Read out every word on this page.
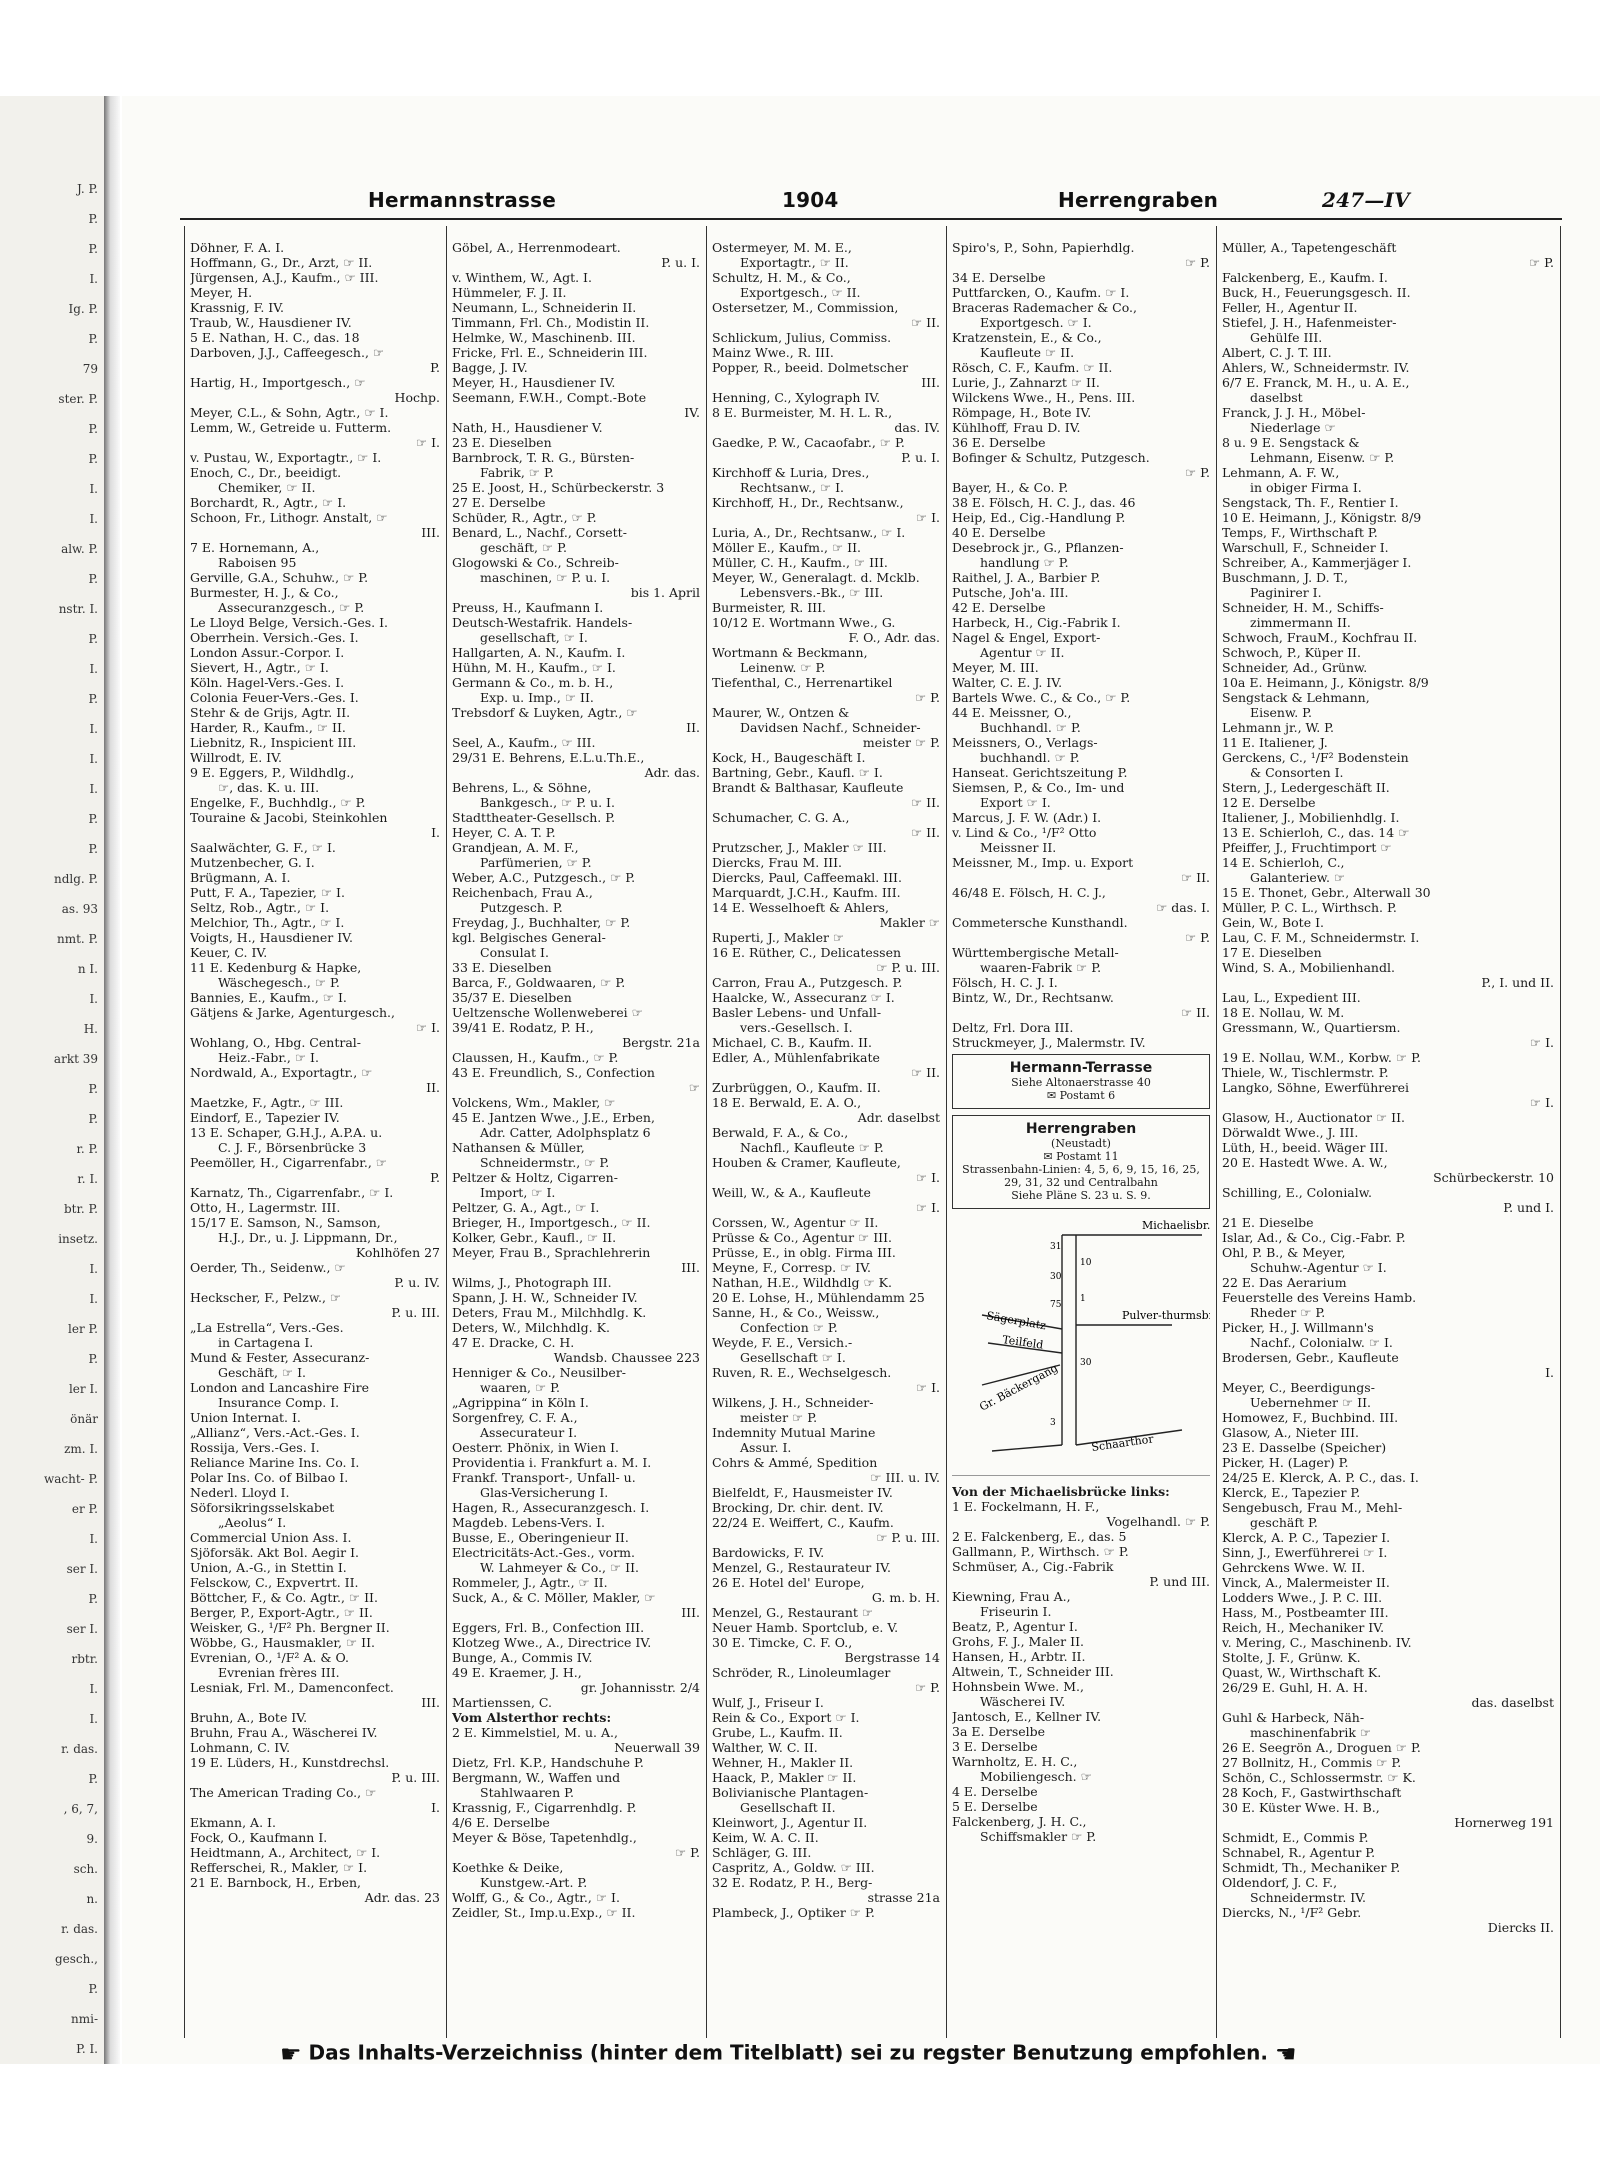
J. P.
P.
P.
I.
Ig. P.
P.
79
ster. P.
P.
P.
I.
I.
alw. P.
P.
nstr. I.
P.
I.
P.
I.
I.
I.
P.
P.
ndlg. P.
as. 93
nmt. P.
n I.
I.
H.
arkt 39
P.
P.
r. P.
r. I.
btr. P.
insetz.
I.
I.
ler P.
P.
ler I.
önär
zm. I.
wacht- P.
er P.
I.
ser I.
P.
ser I.
rbtr.
I.
I.
r. das.
P.
, 6, 7,
9.
sch.
n.
r. das.
gesch.,
P.
nmi-
P. I.
Hermannstrasse	1904	Herrengraben	247—IV
Döhner, F. A. I.
Hoffmann, G., Dr., Arzt, ☞ II.
Jürgensen, A.J., Kaufm., ☞ III.
Meyer, H.
Krassnig, F. IV.
Traub, W., Hausdiener IV.
5 E. Nathan, H. C., das. 18
Darboven, J.J., Caffeegesch., ☞
P.
Hartig, H., Importgesch., ☞
Hochp.
Meyer, C.L., & Sohn, Agtr., ☞ I.
Lemm, W., Getreide u. Futterm.
☞ I.
v. Pustau, W., Exportagtr., ☞ I.
Enoch, C., Dr., beeidigt.
Chemiker, ☞ II.
Borchardt, R., Agtr., ☞ I.
Schoon, Fr., Lithogr. Anstalt, ☞
III.
7 E. Hornemann, A.,
Raboisen 95
Gerville, G.A., Schuhw., ☞ P.
Burmester, H. J., & Co.,
Assecuranzgesch., ☞ P.
Le Lloyd Belge, Versich.-Ges. I.
Oberrhein. Versich.-Ges. I.
London Assur.-Corpor. I.
Sievert, H., Agtr., ☞ I.
Köln. Hagel-Vers.-Ges. I.
Colonia Feuer-Vers.-Ges. I.
Stehr & de Grijs, Agtr. II.
Harder, R., Kaufm., ☞ II.
Liebnitz, R., Inspicient III.
Willrodt, E. IV.
9 E. Eggers, P., Wildhdlg.,
☞, das. K. u. III.
Engelke, F., Buchhdlg., ☞ P.
Touraine & Jacobi, Steinkohlen
I.
Saalwächter, G. F., ☞ I.
Mutzenbecher, G. I.
Brügmann, A. I.
Putt, F. A., Tapezier, ☞ I.
Seltz, Rob., Agtr., ☞ I.
Melchior, Th., Agtr., ☞ I.
Voigts, H., Hausdiener IV.
Keuer, C. IV.
11 E. Kedenburg & Hapke,
Wäschegesch., ☞ P.
Bannies, E., Kaufm., ☞ I.
Gätjens & Jarke, Agenturgesch.,
☞ I.
Wohlang, O., Hbg. Central-
Heiz.-Fabr., ☞ I.
Nordwald, A., Exportagtr., ☞
II.
Maetzke, F., Agtr., ☞ III.
Eindorf, E., Tapezier IV.
13 E. Schaper, G.H.J., A.P.A. u.
C. J. F., Börsenbrücke 3
Peemöller, H., Cigarrenfabr., ☞
P.
Karnatz, Th., Cigarrenfabr., ☞ I.
Otto, H., Lagermstr. III.
15/17 E. Samson, N., Samson,
H.J., Dr., u. J. Lippmann, Dr.,
Kohlhöfen 27
Oerder, Th., Seidenw., ☞
P. u. IV.
Heckscher, F., Pelzw., ☞
P. u. III.
„La Estrella“, Vers.-Ges.
in Cartagena I.
Mund & Fester, Assecuranz-
Geschäft, ☞ I.
London and Lancashire Fire
Insurance Comp. I.
Union Internat. I.
„Allianz“, Vers.-Act.-Ges. I.
Rossija, Vers.-Ges. I.
Reliance Marine Ins. Co. I.
Polar Ins. Co. of Bilbao I.
Nederl. Lloyd I.
Söforsikringsselskabet
„Aeolus“ I.
Commercial Union Ass. I.
Sjöforsäk. Akt Bol. Aegir I.
Union, A.-G., in Stettin I.
Felsckow, C., Expvertrt. II.
Böttcher, F., & Co. Agtr., ☞ II.
Berger, P., Export-Agtr., ☞ II.
Weisker, G., ¹/F² Ph. Bergner II.
Wöbbe, G., Hausmakler, ☞ II.
Evrenian, O., ¹/F² A. & O.
Evrenian frères III.
Lesniak, Frl. M., Damenconfect.
III.
Bruhn, A., Bote IV.
Bruhn, Frau A., Wäscherei IV.
Lohmann, C. IV.
19 E. Lüders, H., Kunstdrechsl.
P. u. III.
The American Trading Co., ☞
I.
Ekmann, A. I.
Fock, O., Kaufmann I.
Heidtmann, A., Architect, ☞ I.
Refferschei, R., Makler, ☞ I.
21 E. Barnbock, H., Erben,
Adr. das. 23
Göbel, A., Herrenmodeart.
P. u. I.
v. Winthem, W., Agt. I.
Hümmeler, F. J. II.
Neumann, L., Schneiderin II.
Timmann, Frl. Ch., Modistin II.
Helmke, W., Maschinenb. III.
Fricke, Frl. E., Schneiderin III.
Bagge, J. IV.
Meyer, H., Hausdiener IV.
Seemann, F.W.H., Compt.-Bote
IV.
Nath, H., Hausdiener V.
23 E. Dieselben
Barnbrock, T. R. G., Bürsten-
Fabrik, ☞ P.
25 E. Joost, H., Schürbeckerstr. 3
27 E. Derselbe
Schüder, R., Agtr., ☞ P.
Benard, L., Nachf., Corsett-
geschäft, ☞ P.
Glogowski & Co., Schreib-
maschinen, ☞ P. u. I.
bis 1. April
Preuss, H., Kaufmann I.
Deutsch-Westafrik. Handels-
gesellschaft, ☞ I.
Hallgarten, A. N., Kaufm. I.
Hühn, M. H., Kaufm., ☞ I.
Germann & Co., m. b. H.,
Exp. u. Imp., ☞ II.
Trebsdorf & Luyken, Agtr., ☞
II.
Seel, A., Kaufm., ☞ III.
29/31 E. Behrens, E.L.u.Th.E.,
Adr. das.
Behrens, L., & Söhne,
Bankgesch., ☞ P. u. I.
Stadttheater-Gesellsch. P.
Heyer, C. A. T. P.
Grandjean, A. M. F.,
Parfümerien, ☞ P.
Weber, A.C., Putzgesch., ☞ P.
Reichenbach, Frau A.,
Putzgesch. P.
Freydag, J., Buchhalter, ☞ P.
kgl. Belgisches General-
Consulat I.
33 E. Dieselben
Barca, F., Goldwaaren, ☞ P.
35/37 E. Dieselben
Ueltzensche Wollenweberei ☞
39/41 E. Rodatz, P. H.,
Bergstr. 21a
Claussen, H., Kaufm., ☞ P.
43 E. Freundlich, S., Confection
☞
Volckens, Wm., Makler, ☞
45 E. Jantzen Wwe., J.E., Erben,
Adr. Catter, Adolphsplatz 6
Nathansen & Müller,
Schneidermstr., ☞ P.
Peltzer & Holtz, Cigarren-
Import, ☞ I.
Peltzer, G. A., Agt., ☞ I.
Brieger, H., Importgesch., ☞ II.
Kolker, Gebr., Kaufl., ☞ II.
Meyer, Frau B., Sprachlehrerin
III.
Wilms, J., Photograph III.
Spann, J. H. W., Schneider IV.
Deters, Frau M., Milchhdlg. K.
Deters, W., Milchhdlg. K.
47 E. Dracke, C. H.
Wandsb. Chaussee 223
Henniger & Co., Neusilber-
waaren, ☞ P.
„Agrippina“ in Köln I.
Sorgenfrey, C. F. A.,
Assecurateur I.
Oesterr. Phönix, in Wien I.
Providentia i. Frankfurt a. M. I.
Frankf. Transport-, Unfall- u.
Glas-Versicherung I.
Hagen, R., Assecuranzgesch. I.
Magdeb. Lebens-Vers. I.
Busse, E., Oberingenieur II.
Electricitäts-Act.-Ges., vorm.
W. Lahmeyer & Co., ☞ II.
Rommeler, J., Agtr., ☞ II.
Suck, A., & C. Möller, Makler, ☞
III.
Eggers, Frl. B., Confection III.
Klotzeg Wwe., A., Directrice IV.
Bunge, A., Commis IV.
49 E. Kraemer, J. H.,
gr. Johannisstr. 2/4
Martienssen, C.
Vom Alsterthor rechts:
2 E. Kimmelstiel, M. u. A.,
Neuerwall 39
Dietz, Frl. K.P., Handschuhe P.
Bergmann, W., Waffen und
Stahlwaaren P.
Krassnig, F., Cigarrenhdlg. P.
4/6 E. Derselbe
Meyer & Böse, Tapetenhdlg.,
☞ P.
Koethke & Deike,
Kunstgew.-Art. P.
Wolff, G., & Co., Agtr., ☞ I.
Zeidler, St., Imp.u.Exp., ☞ II.
Ostermeyer, M. M. E.,
Exportagtr., ☞ II.
Schultz, H. M., & Co.,
Exportgesch., ☞ II.
Ostersetzer, M., Commission,
☞ II.
Schlickum, Julius, Commiss.
Mainz Wwe., R. III.
Popper, R., beeid. Dolmetscher
III.
Henning, C., Xylograph IV.
8 E. Burmeister, M. H. L. R.,
das. IV.
Gaedke, P. W., Cacaofabr., ☞ P.
P. u. I.
Kirchhoff & Luria, Dres.,
Rechtsanw., ☞ I.
Kirchhoff, H., Dr., Rechtsanw.,
☞ I.
Luria, A., Dr., Rechtsanw., ☞ I.
Möller E., Kaufm., ☞ II.
Müller, C. H., Kaufm., ☞ III.
Meyer, W., Generalagt. d. Mcklb.
Lebensvers.-Bk., ☞ III.
Burmeister, R. III.
10/12 E. Wortmann Wwe., G.
F. O., Adr. das.
Wortmann & Beckmann,
Leinenw. ☞ P.
Tiefenthal, C., Herrenartikel
☞ P.
Maurer, W., Ontzen &
Davidsen Nachf., Schneider-
meister ☞ P.
Kock, H., Baugeschäft I.
Bartning, Gebr., Kaufl. ☞ I.
Brandt & Balthasar, Kaufleute
☞ II.
Schumacher, C. G. A.,
☞ II.
Prutzscher, J., Makler ☞ III.
Diercks, Frau M. III.
Diercks, Paul, Caffeemakl. III.
Marquardt, J.C.H., Kaufm. III.
14 E. Wesselhoeft & Ahlers,
Makler ☞
Ruperti, J., Makler ☞
16 E. Rüther, C., Delicatessen
☞ P. u. III.
Carron, Frau A., Putzgesch. P.
Haalcke, W., Assecuranz ☞ I.
Basler Lebens- und Unfall-
vers.-Gesellsch. I.
Michael, C. B., Kaufm. II.
Edler, A., Mühlenfabrikate
☞ II.
Zurbrüggen, O., Kaufm. II.
18 E. Berwald, E. A. O.,
Adr. daselbst
Berwald, F. A., & Co.,
Nachfl., Kaufleute ☞ P.
Houben & Cramer, Kaufleute,
☞ I.
Weill, W., & A., Kaufleute
☞ I.
Corssen, W., Agentur ☞ II.
Prüsse & Co., Agentur ☞ III.
Prüsse, E., in oblg. Firma III.
Meyne, F., Corresp. ☞ IV.
Nathan, H.E., Wildhdlg ☞ K.
20 E. Lohse, H., Mühlendamm 25
Sanne, H., & Co., Weissw.,
Confection ☞ P.
Weyde, F. E., Versich.-
Gesellschaft ☞ I.
Ruven, R. E., Wechselgesch.
☞ I.
Wilkens, J. H., Schneider-
meister ☞ P.
Indemnity Mutual Marine
Assur. I.
Cohrs & Ammé, Spedition
☞ III. u. IV.
Bielfeldt, F., Hausmeister IV.
Brocking, Dr. chir. dent. IV.
22/24 E. Weiffert, C., Kaufm.
☞ P. u. III.
Bardowicks, F. IV.
Menzel, G., Restaurateur IV.
26 E. Hotel del' Europe,
G. m. b. H.
Menzel, G., Restaurant ☞
Neuer Hamb. Sportclub, e. V.
30 E. Timcke, C. F. O.,
Bergstrasse 14
Schröder, R., Linoleumlager
☞ P.
Wulf, J., Friseur I.
Rein & Co., Export ☞ I.
Grube, L., Kaufm. II.
Walther, W. C. II.
Wehner, H., Makler II.
Haack, P., Makler ☞ II.
Bolivianische Plantagen-
Gesellschaft II.
Kleinwort, J., Agentur II.
Keim, W. A. C. II.
Schläger, G. III.
Caspritz, A., Goldw. ☞ III.
32 E. Rodatz, P. H., Berg-
strasse 21a
Plambeck, J., Optiker ☞ P.
Spiro's, P., Sohn, Papierhdlg.
☞ P.
34 E. Derselbe
Puttfarcken, O., Kaufm. ☞ I.
Braceras Rademacher & Co.,
Exportgesch. ☞ I.
Kratzenstein, E., & Co.,
Kaufleute ☞ II.
Rösch, C. F., Kaufm. ☞ II.
Lurie, J., Zahnarzt ☞ II.
Wilckens Wwe., H., Pens. III.
Römpage, H., Bote IV.
Kühlhoff, Frau D. IV.
36 E. Derselbe
Bofinger & Schultz, Putzgesch.
☞ P.
Bayer, H., & Co. P.
38 E. Fölsch, H. C. J., das. 46
Heip, Ed., Cig.-Handlung P.
40 E. Derselbe
Desebrock jr., G., Pflanzen-
handlung ☞ P.
Raithel, J. A., Barbier P.
Putsche, Joh'a. III.
42 E. Derselbe
Harbeck, H., Cig.-Fabrik I.
Nagel & Engel, Export-
Agentur ☞ II.
Meyer, M. III.
Walter, C. E. J. IV.
Bartels Wwe. C., & Co., ☞ P.
44 E. Meissner, O.,
Buchhandl. ☞ P.
Meissners, O., Verlags-
buchhandl. ☞ P.
Hanseat. Gerichtszeitung P.
Siemsen, P., & Co., Im- und
Export ☞ I.
Marcus, J. F. W. (Adr.) I.
v. Lind & Co., ¹/F² Otto
Meissner II.
Meissner, M., Imp. u. Export
☞ II.
46/48 E. Fölsch, H. C. J.,
☞ das. I.
Commetersche Kunsthandl.
☞ P.
Württembergische Metall-
waaren-Fabrik ☞ P.
Fölsch, H. C. J. I.
Bintz, W., Dr., Rechtsanw.
☞ II.
Deltz, Frl. Dora III.
Struckmeyer, J., Malermstr. IV.
Hermann-Terrasse
Siehe Altonaerstrasse 40
✉ Postamt 6
Herrengraben
(Neustadt)
✉ Postamt 11
Strassenbahn-Linien: 4, 5, 6, 9, 15, 16, 25, 29, 31, 32 und Centralbahn
Siehe Pläne S. 23 u. S. 9.
Michaelisbr.
Pulver-thurmsbr.
Sägerplatz
Teilfeld
Gr. Bäckergang
Schaarthor
31
10
30
75
1
30
3
Von der Michaelisbrücke links:
1 E. Fockelmann, H. F.,
Vogelhandl. ☞ P.
2 E. Falckenberg, E., das. 5
Gallmann, P., Wirthsch. ☞ P.
Schmüser, A., Cig.-Fabrik
P. und III.
Kiewning, Frau A.,
Friseurin I.
Beatz, P., Agentur I.
Grohs, F. J., Maler II.
Hansen, H., Arbtr. II.
Altwein, T., Schneider III.
Hohnsbein Wwe. M.,
Wäscherei IV.
Jantosch, E., Kellner IV.
3a E. Derselbe
3 E. Derselbe
Warnholtz, E. H. C.,
Mobiliengesch. ☞
4 E. Derselbe
5 E. Derselbe
Falckenberg, J. H. C.,
Schiffsmakler ☞ P.
Müller, A., Tapetengeschäft
☞ P.
Falckenberg, E., Kaufm. I.
Buck, H., Feuerungsgesch. II.
Feller, H., Agentur II.
Stiefel, J. H., Hafenmeister-
Gehülfe III.
Albert, C. J. T. III.
Ahlers, W., Schneidermstr. IV.
6/7 E. Franck, M. H., u. A. E.,
daselbst
Franck, J. J. H., Möbel-
Niederlage ☞
8 u. 9 E. Sengstack &
Lehmann, Eisenw. ☞ P.
Lehmann, A. F. W.,
in obiger Firma I.
Sengstack, Th. F., Rentier I.
10 E. Heimann, J., Königstr. 8/9
Temps, F., Wirthschaft P.
Warschull, F., Schneider I.
Schreiber, A., Kammerjäger I.
Buschmann, J. D. T.,
Paginirer I.
Schneider, H. M., Schiffs-
zimmermann II.
Schwoch, FrauM., Kochfrau II.
Schwoch, P., Küper II.
Schneider, Ad., Grünw.
10a E. Heimann, J., Königstr. 8/9
Sengstack & Lehmann,
Eisenw. P.
Lehmann jr., W. P.
11 E. Italiener, J.
Gerckens, C., ¹/F² Bodenstein
& Consorten I.
Stern, J., Ledergeschäft II.
12 E. Derselbe
Italiener, J., Mobilienhdlg. I.
13 E. Schierloh, C., das. 14 ☞
Pfeiffer, J., Fruchtimport ☞
14 E. Schierloh, C.,
Galanteriew. ☞
15 E. Thonet, Gebr., Alterwall 30
Müller, P. C. L., Wirthsch. P.
Gein, W., Bote I.
Lau, C. F. M., Schneidermstr. I.
17 E. Dieselben
Wind, S. A., Mobilienhandl.
P., I. und II.
Lau, L., Expedient III.
18 E. Nollau, W. M.
Gressmann, W., Quartiersm.
☞ I.
19 E. Nollau, W.M., Korbw. ☞ P.
Thiele, W., Tischlermstr. P.
Langko, Söhne, Ewerführerei
☞ I.
Glasow, H., Auctionator ☞ II.
Dörwaldt Wwe., J. III.
Lüth, H., beeid. Wäger III.
20 E. Hastedt Wwe. A. W.,
Schürbeckerstr. 10
Schilling, E., Colonialw.
P. und I.
21 E. Dieselbe
Islar, Ad., & Co., Cig.-Fabr. P.
Ohl, P. B., & Meyer,
Schuhw.-Agentur ☞ I.
22 E. Das Aerarium
Feuerstelle des Vereins Hamb.
Rheder ☞ P.
Picker, H., J. Willmann's
Nachf., Colonialw. ☞ I.
Brodersen, Gebr., Kaufleute
I.
Meyer, C., Beerdigungs-
Uebernehmer ☞ II.
Homowez, F., Buchbind. III.
Glasow, A., Nieter III.
23 E. Dasselbe (Speicher)
Picker, H. (Lager) P.
24/25 E. Klerck, A. P. C., das. I.
Klerck, E., Tapezier P.
Sengebusch, Frau M., Mehl-
geschäft P.
Klerck, A. P. C., Tapezier I.
Sinn, J., Ewerführerei ☞ I.
Gehrckens Wwe. W. II.
Vinck, A., Malermeister II.
Lodders Wwe., J. P. C. III.
Hass, M., Postbeamter III.
Reich, H., Mechaniker IV.
v. Mering, C., Maschinenb. IV.
Stolte, J. F., Grünw. K.
Quast, W., Wirthschaft K.
26/29 E. Guhl, H. A. H.
das. daselbst
Guhl & Harbeck, Näh-
maschinenfabrik ☞
26 E. Seegrön A., Droguen ☞ P.
27 Bollnitz, H., Commis ☞ P.
Schön, C., Schlossermstr. ☞ K.
28 Koch, F., Gastwirthschaft
30 E. Küster Wwe. H. B.,
Hornerweg 191
Schmidt, E., Commis P.
Schnabel, R., Agentur P.
Schmidt, Th., Mechaniker P.
Oldendorf, J. C. F.,
Schneidermstr. IV.
Diercks, N., ¹/F² Gebr.
Diercks II.
☛ Das Inhalts-Verzeichniss (hinter dem Titelblatt) sei zu regster Benutzung empfohlen. ☚
